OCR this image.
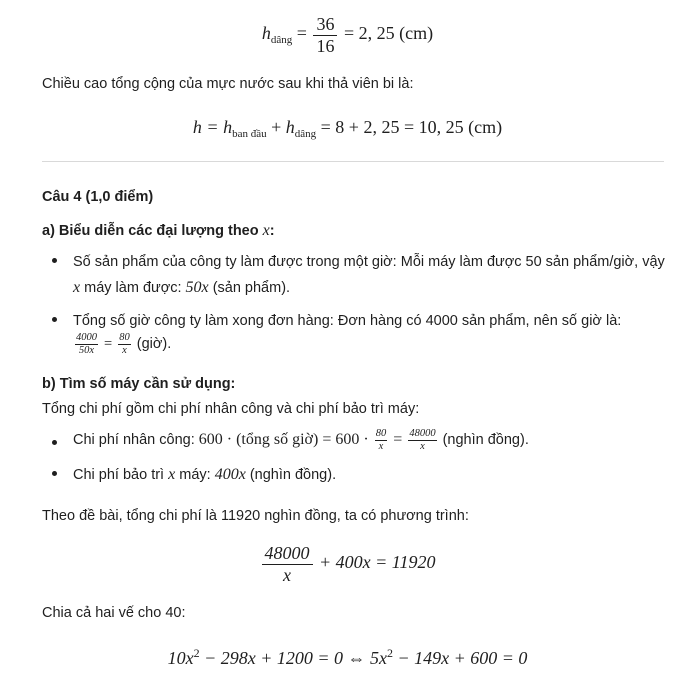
$h_{dâng} = \frac{36}{16} = 2$, 25 (cm)
Chiều cao tổng cộng của mực nước sau khi thả viên bi là:
$h = h_{ban đầu} + h_{dâng} = 8 + 2$, 25 = 10, 25 (cm)
Câu 4 (1,0 điểm)
a) Biểu diễn các đại lượng theo x:
Số sản phẩm của công ty làm được trong một giờ: Mỗi máy làm được 50 sản phẩm/giờ, vậy
x máy làm được: 50x (sản phẩm).
Tổng số giờ công ty làm xong đơn hàng: Đơn hàng có 4000 sản phẩm, nên số giờ là:
$\frac{4000}{50x} = \frac{80}{x}$ (giờ).
b) Tìm số máy cần sử dụng:
Tổng chi phí gồm chi phí nhân công và chi phí bảo trì máy:
Chi phí nhân công: 600 · (tổng số giờ) = $600 \cdot \frac{80}{x} = \frac{48000}{x}$ (nghìn đồng).
Chi phí bảo trì x máy: 400x (nghìn đồng).
Theo đề bài, tổng chi phí là 11920 nghìn đồng, ta có phương trình:
$\frac{48000}{x} + 400x = 11920$
Chia cả hai vế cho 40:
$10x^2 - 298x + 1200 = 0$ ⇔ $5x^2 - 149x + 600 = 0$
